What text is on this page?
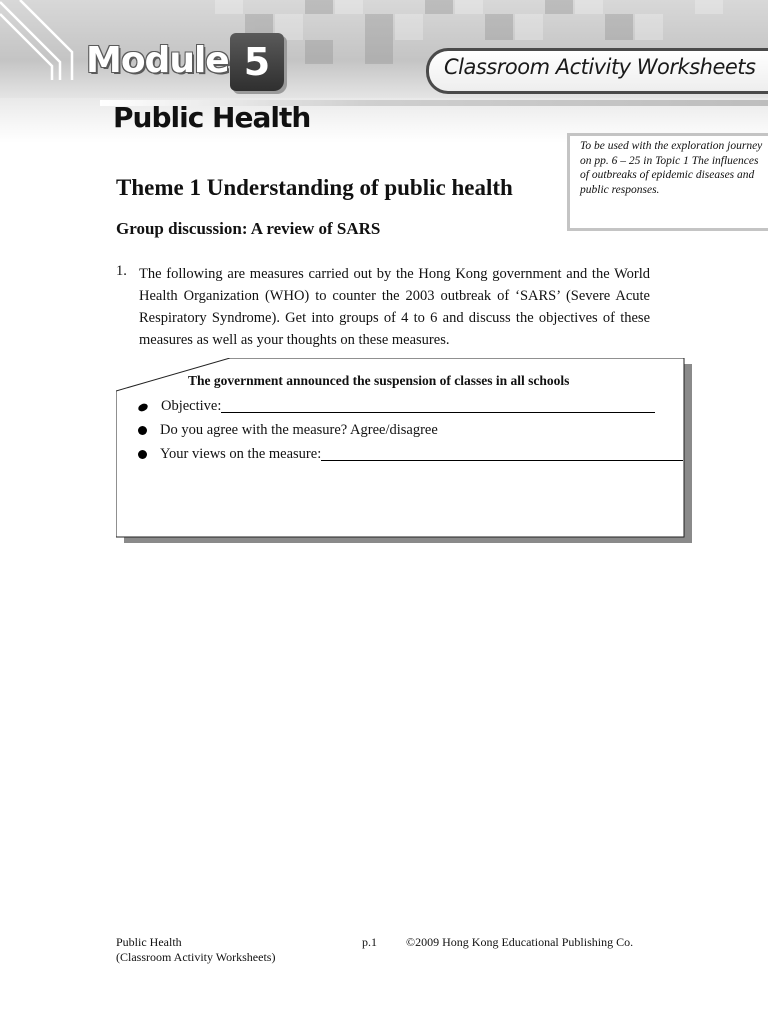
Module 5	Classroom Activity Worksheets
Public Health
To be used with the exploration journey on pp. 6 – 25 in Topic 1 The influences of outbreaks of epidemic diseases and public responses.
Theme 1 Understanding of public health
Group discussion: A review of SARS
1. The following are measures carried out by the Hong Kong government and the World Health Organization (WHO) to counter the 2003 outbreak of ‘SARS’ (Severe Acute Respiratory Syndrome). Get into groups of 4 to 6 and discuss the objectives of these measures as well as your thoughts on these measures.
The government announced the suspension of classes in all schools
Objective:
Do you agree with the measure? Agree/disagree
Your views on the measure:
Public Health
(Classroom Activity Worksheets)
p.1 ©2009 Hong Kong Educational Publishing Co.
